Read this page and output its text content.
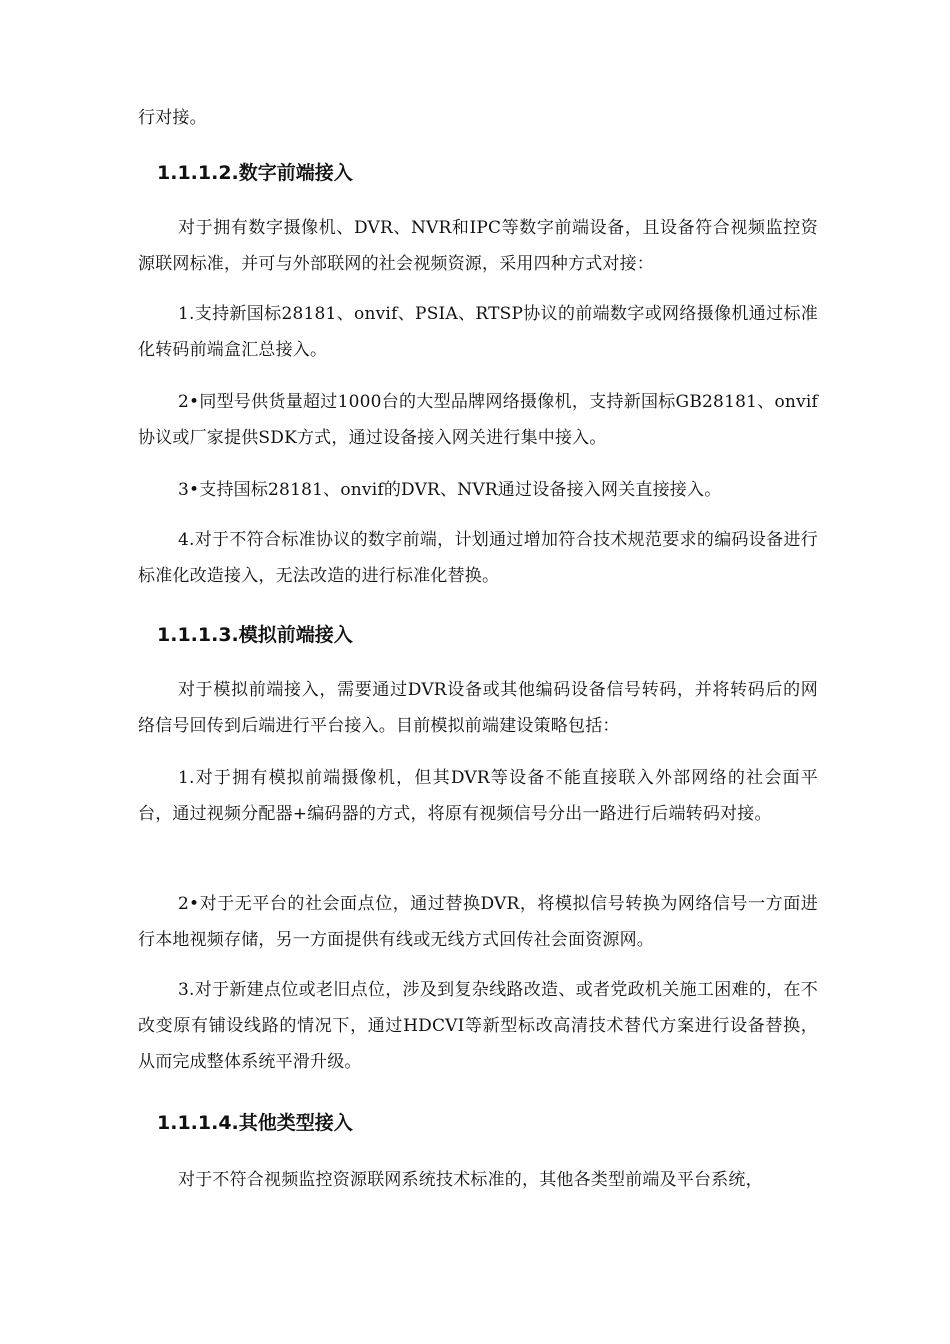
行对接。

1.1.1.2.数字前端接入

对于拥有数字摄像机、DVR、NVR和IPC等数字前端设备，且设备符合视频监控资源联网标准，并可与外部联网的社会视频资源，采用四种方式对接：

1.支持新国标28181、onvif、PSIA、RTSP协议的前端数字或网络摄像机通过标准化转码前端盒汇总接入。

2•同型号供货量超过1000台的大型品牌网络摄像机，支持新国标GB28181、onvif协议或厂家提供SDK方式，通过设备接入网关进行集中接入。

3•支持国标28181、onvif的DVR、NVR通过设备接入网关直接接入。

4.对于不符合标准协议的数字前端，计划通过增加符合技术规范要求的编码设备进行标准化改造接入，无法改造的进行标准化替换。

1.1.1.3.模拟前端接入

对于模拟前端接入，需要通过DVR设备或其他编码设备信号转码，并将转码后的网络信号回传到后端进行平台接入。目前模拟前端建设策略包括：

1.对于拥有模拟前端摄像机，但其DVR等设备不能直接联入外部网络的社会面平台，通过视频分配器+编码器的方式，将原有视频信号分出一路进行后端转码对接。

2•对于无平台的社会面点位，通过替换DVR，将模拟信号转换为网络信号一方面进行本地视频存储，另一方面提供有线或无线方式回传社会面资源网。

3.对于新建点位或老旧点位，涉及到复杂线路改造、或者党政机关施工困难的，在不改变原有铺设线路的情况下，通过HDCVI等新型标改高清技术替代方案进行设备替换，从而完成整体系统平滑升级。

1.1.1.4.其他类型接入

对于不符合视频监控资源联网系统技术标准的，其他各类型前端及平台系统，
